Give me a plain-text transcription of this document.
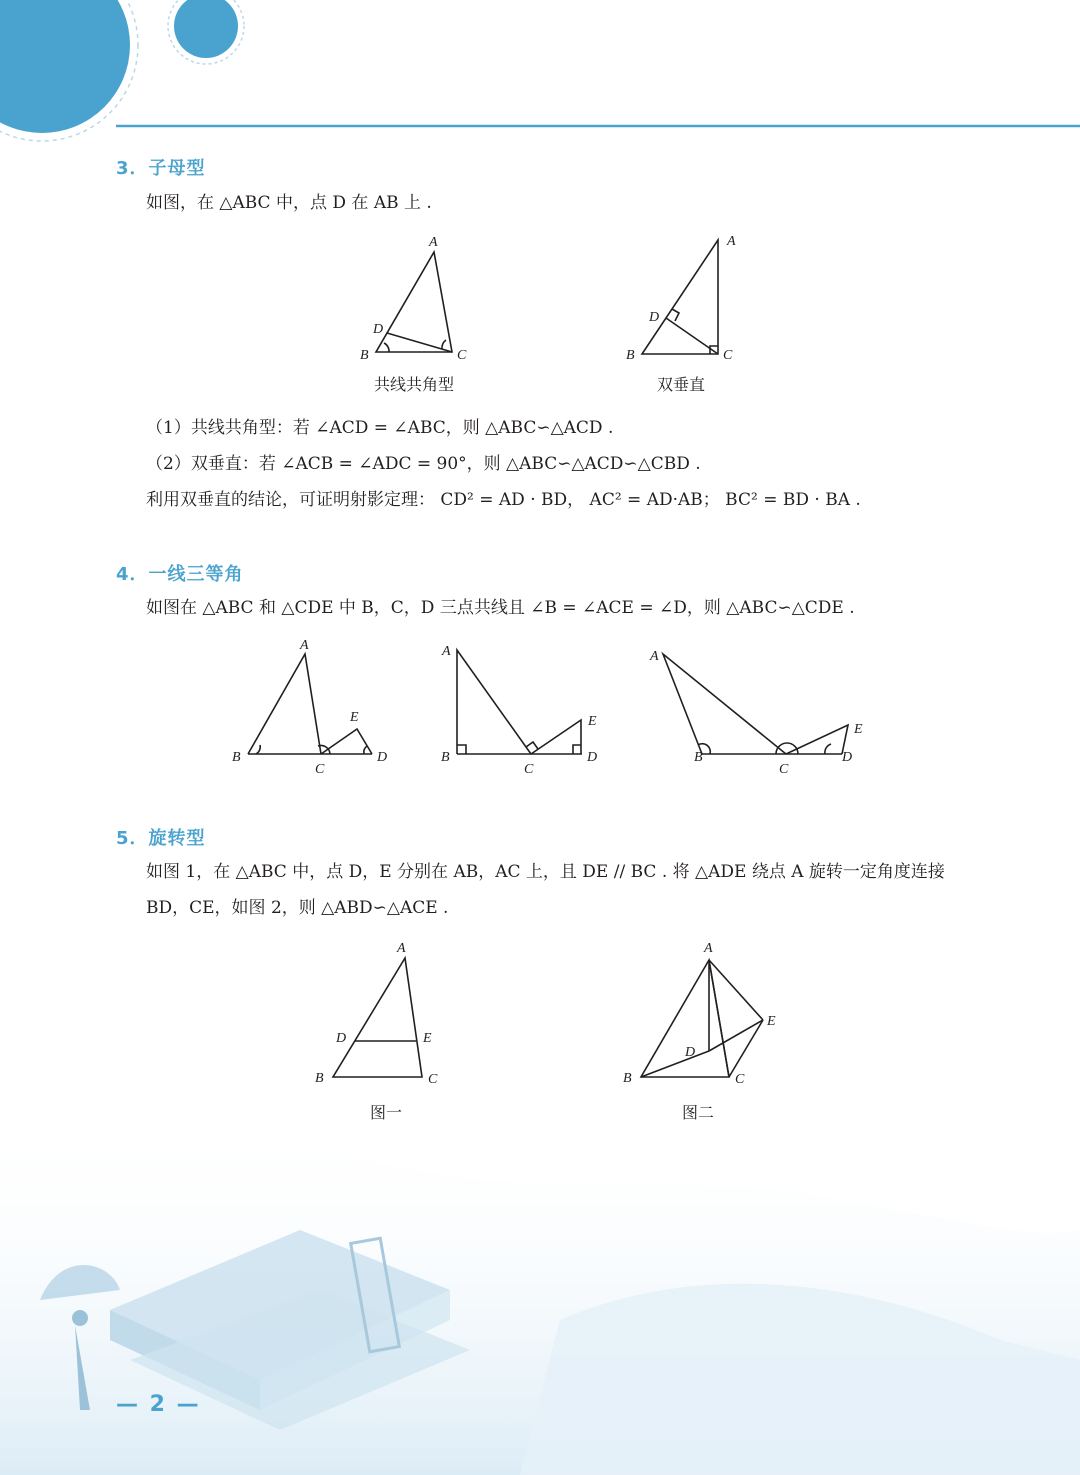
3．子母型
如图，在 △ABC 中，点 D 在 AB 上 .
A
B	C
D
A
B	C
D
共线共角型	双垂直
（1）共线共角型：若 ∠ACD = ∠ABC，则 △ABC∽△ACD .
（2）双垂直：若 ∠ACB = ∠ADC = 90°，则 △ABC∽△ACD∽△CBD .
利用双垂直的结论，可证明射影定理： CD² = AD · BD， AC² = AD·AB； BC² = BD · BA .
4．一线三等角
如图在 △ABC 和 △CDE 中 B，C，D 三点共线且 ∠B = ∠ACE = ∠D，则 △ABC∽△CDE .
A
B
C
D
E
A
B
C
D
E
A
B
C
D
E
5．旋转型
如图 1，在 △ABC 中，点 D，E 分别在 AB，AC 上，且 DE // BC . 将 △ADE 绕点 A 旋转一定角度连接
BD，CE，如图 2，则 △ABD∽△ACE .
A
B	C
D	E
A
B	C
D
E
图一	图二
— 2 —
